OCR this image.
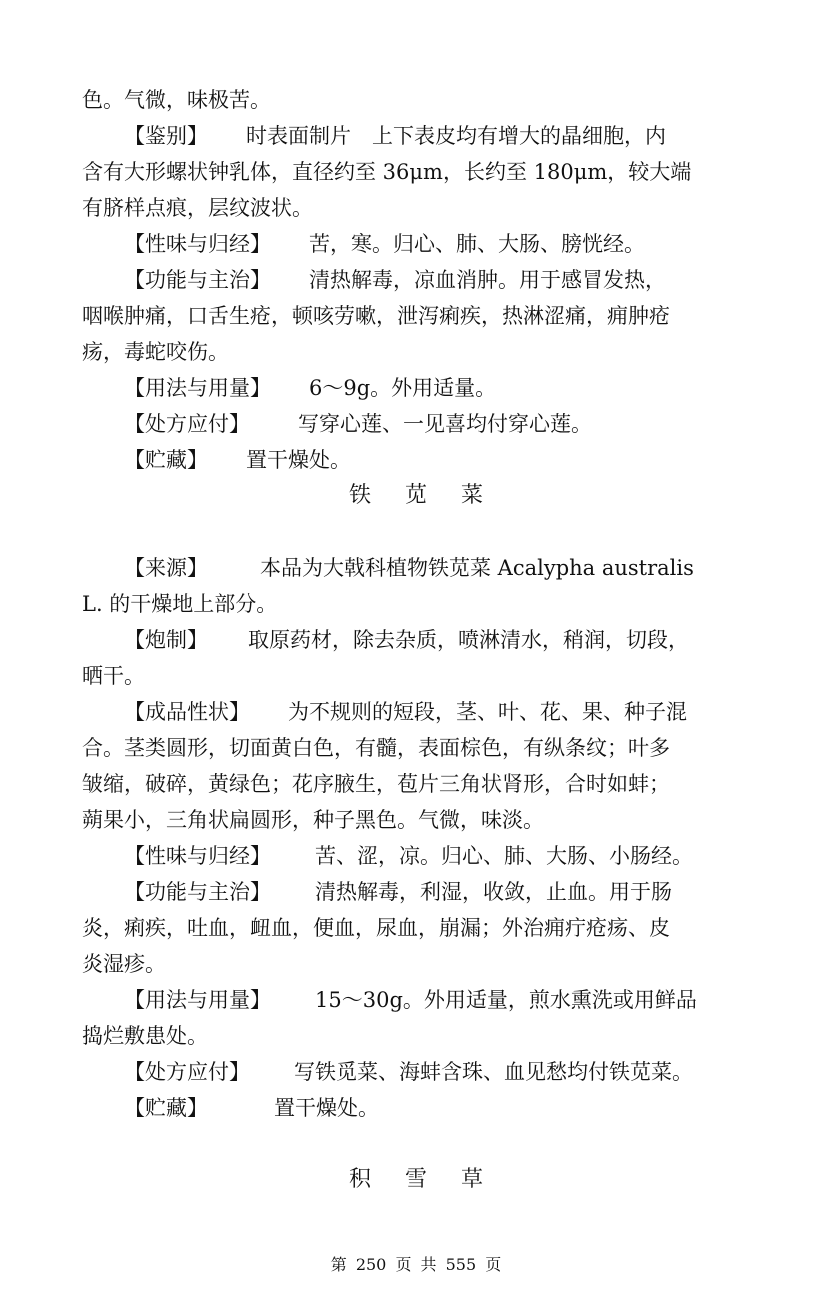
色。气微，味极苦。
【鉴别】 时表面制片　上下表皮均有增大的晶细胞，内
含有大形螺状钟乳体，直径约至 36μm，长约至 180μm，较大端
有脐样点痕，层纹波状。
【性味与归经】 苦，寒。归心、肺、大肠、膀恍经。
【功能与主治】 清热解毒，凉血消肿。用于感冒发热，
咽喉肿痛，口舌生疮，顿咳劳嗽，泄泻痢疾，热淋涩痛，痈肿疮
疡，毒蛇咬伤。
【用法与用量】 6～9g。外用适量。
【处方应付】 写穿心莲、一见喜均付穿心莲。
【贮藏】 置干燥处。
铁苋菜
【来源】 本品为大戟科植物铁苋菜 Acalypha australis
L. 的干燥地上部分。
【炮制】 取原药材，除去杂质，喷淋清水，稍润，切段，
晒干。
【成品性状】 为不规则的短段，茎、叶、花、果、种子混
合。茎类圆形，切面黄白色，有髓，表面棕色，有纵条纹；叶多
皱缩，破碎，黄绿色；花序腋生，苞片三角状肾形，合时如蚌；
蒴果小，三角状扁圆形，种子黑色。气微，味淡。
【性味与归经】 苦、涩，凉。归心、肺、大肠、小肠经。
【功能与主治】 清热解毒，利湿，收敛，止血。用于肠
炎，痢疾，吐血，衄血，便血，尿血，崩漏；外治痈疔疮疡、皮
炎湿疹。
【用法与用量】 15～30g。外用适量，煎水熏洗或用鲜品
捣烂敷患处。
【处方应付】 写铁觅菜、海蚌含珠、血见愁均付铁苋菜。
【贮藏】	置干燥处。
积雪草
第 250 页 共 555 页
